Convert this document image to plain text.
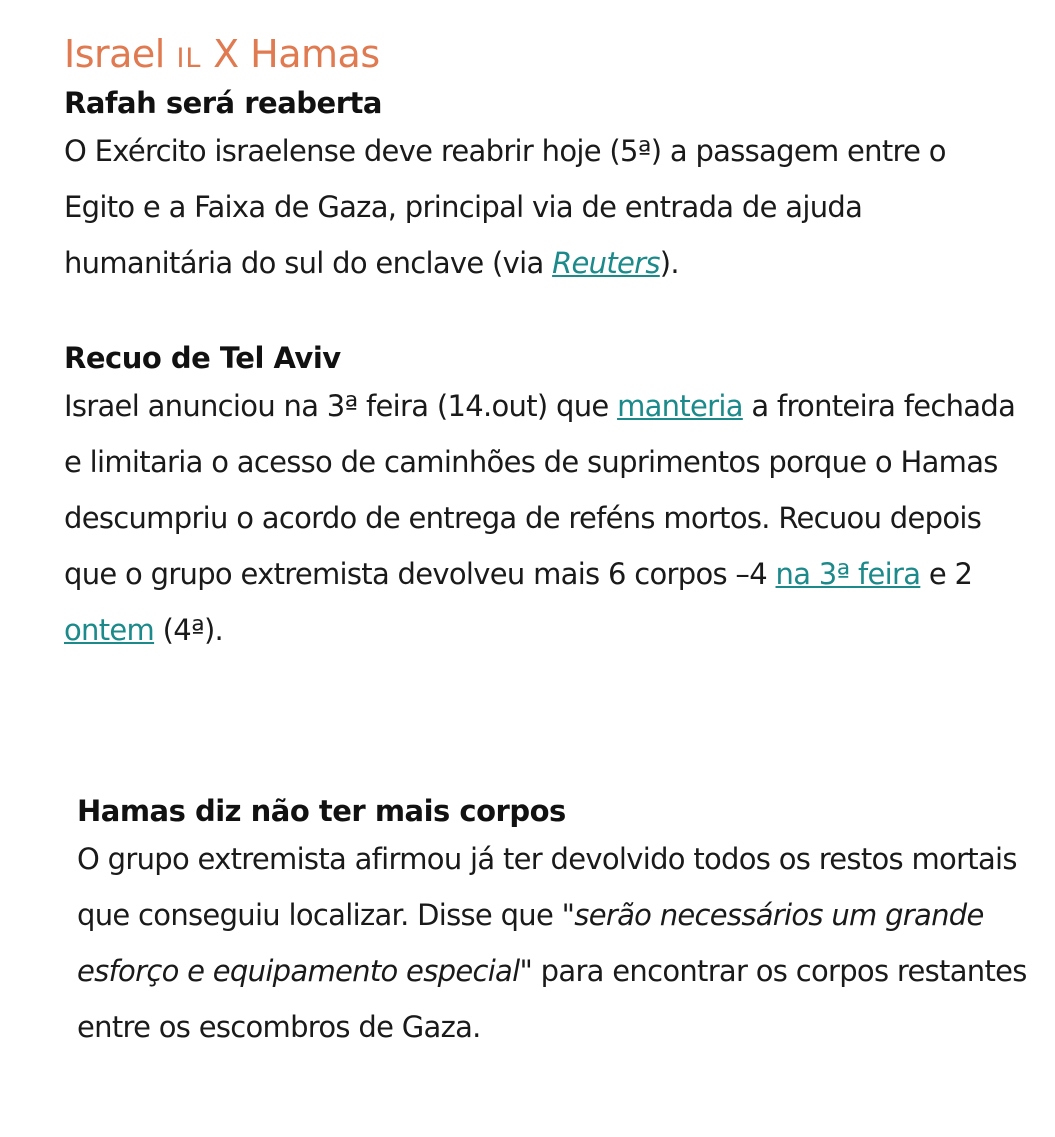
Israel IL X Hamas
Rafah será reaberta

O Exército israelense deve reabrir hoje (5ª) a passagem entre o Egito e a Faixa de Gaza, principal via de entrada de ajuda humanitária do sul do enclave (via Reuters).

Recuo de Tel Aviv

Israel anunciou na 3ª feira (14.out) que manteria a fronteira fechada e limitaria o acesso de caminhões de suprimentos porque o Hamas descumpriu o acordo de entrega de reféns mortos. Recuou depois que o grupo extremista devolveu mais 6 corpos –4 na 3ª feira e 2 ontem (4ª).

Hamas diz não ter mais corpos

O grupo extremista afirmou já ter devolvido todos os restos mortais que conseguiu localizar. Disse que "serão necessários um grande esforço e equipamento especial" para encontrar os corpos restantes entre os escombros de Gaza.
